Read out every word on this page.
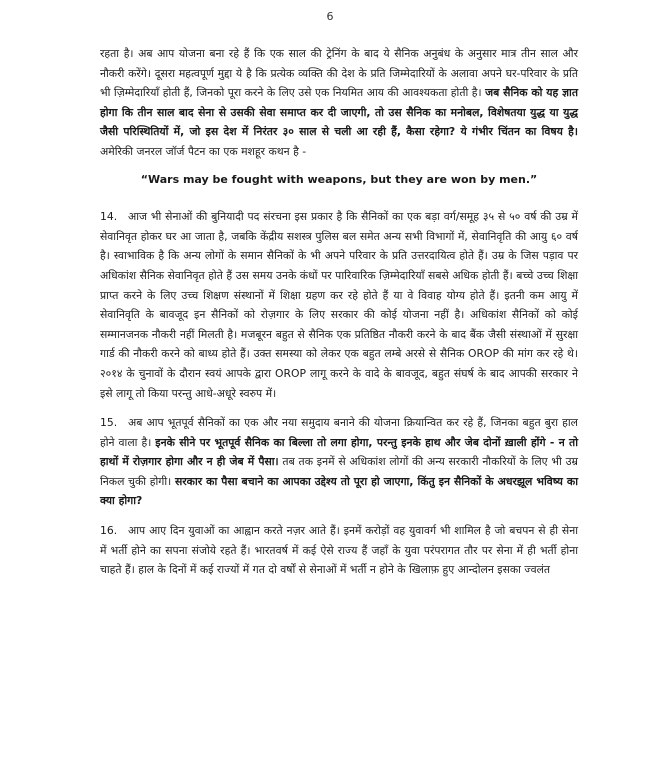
6

रहता है। अब आप योजना बना रहे हैं कि एक साल की ट्रेनिंग के बाद ये सैनिक अनुबंध के अनुसार मात्र तीन साल और नौकरी करेंगे। दूसरा महत्वपूर्ण मुद्दा ये है कि प्रत्येक व्यक्ति की देश के प्रति जिम्मेदारियों के अलावा अपने घर-परिवार के प्रति भी ज़िम्मेदारियाँ होती हैं, जिनको पूरा करने के लिए उसे एक नियमित आय की आवश्यकता होती है। जब सैनिक को यह ज्ञात होगा कि तीन साल बाद सेना से उसकी सेवा समाप्त कर दी जाएगी, तो उस सैनिक का मनोबल, विशेषतया युद्ध या युद्ध जैसी परिस्थितियों में, जो इस देश में निरंतर ३० साल से चली आ रही हैं, कैसा रहेगा? ये गंभीर चिंतन का विषय है। अमेरिकी जनरल जॉर्ज पैटन का एक मशहूर कथन है -

“Wars may be fought with weapons, but they are won by men.”

14. आज भी सेनाओं की बुनियादी पद संरचना इस प्रकार है कि सैनिकों का एक बड़ा वर्ग/समूह ३५ से ५० वर्ष की उम्र में सेवानिवृत होकर घर आ जाता है, जबकि केंद्रीय सशस्त्र पुलिस बल समेत अन्य सभी विभागों में, सेवानिवृति की आयु ६० वर्ष है। स्वाभाविक है कि अन्य लोगों के समान सैनिकों के भी अपने परिवार के प्रति उत्तरदायित्व होते हैं। उम्र के जिस पड़ाव पर अधिकांश सैनिक सेवानिवृत होते हैं उस समय उनके कंधों पर पारिवारिक ज़िम्मेदारियाँ सबसे अधिक होती हैं। बच्चे उच्च शिक्षा प्राप्त करने के लिए उच्च शिक्षण संस्थानों में शिक्षा ग्रहण कर रहे होते हैं या वे विवाह योग्य होते हैं। इतनी कम आयु में सेवानिवृति के बावजूद इन सैनिकों को रोज़गार के लिए सरकार की कोई योजना नहीं है। अधिकांश सैनिकों को कोई सम्मानजनक नौकरी नहीं मिलती है। मजबूरन बहुत से सैनिक एक प्रतिष्ठित नौकरी करने के बाद बैंक जैसी संस्थाओं में सुरक्षा गार्ड की नौकरी करने को बाध्य होते हैं। उक्त समस्या को लेकर एक बहुत लम्बे अरसे से सैनिक OROP की मांग कर रहे थे। २०१४ के चुनावों के दौरान स्वयं आपके द्वारा OROP लागू करने के वादे के बावजूद, बहुत संघर्ष के बाद आपकी सरकार ने इसे लागू तो किया परन्तु आधे-अधूरे स्वरुप में।

15. अब आप भूतपूर्व सैनिकों का एक और नया समुदाय बनाने की योजना क्रियान्वित कर रहे हैं, जिनका बहुत बुरा हाल होने वाला है। इनके सीने पर भूतपूर्व सैनिक का बिल्ला तो लगा होगा, परन्तु इनके हाथ और जेब दोनों ख़ाली होंगे - न तो हाथों में रोज़गार होगा और न ही जेब में पैसा। तब तक इनमें से अधिकांश लोगों की अन्य सरकारी नौकरियों के लिए भी उम्र निकल चुकी होगी। सरकार का पैसा बचाने का आपका उद्देश्य तो पूरा हो जाएगा, किंतु इन सैनिकों के अधरझूल भविष्य का क्या होगा?

16. आप आए दिन युवाओं का आह्वान करते नज़र आते हैं। इनमें करोड़ों वह युवावर्ग भी शामिल है जो बचपन से ही सेना में भर्ती होने का सपना संजोये रहते हैं। भारतवर्ष में कई ऐसे राज्य हैं जहाँ के युवा परंपरागत तौर पर सेना में ही भर्ती होना चाहते हैं। हाल के दिनों में कई राज्यों में गत दो वर्षों से सेनाओं में भर्ती न होने के खिलाफ़ हुए आन्दोलन इसका ज्वलंत
